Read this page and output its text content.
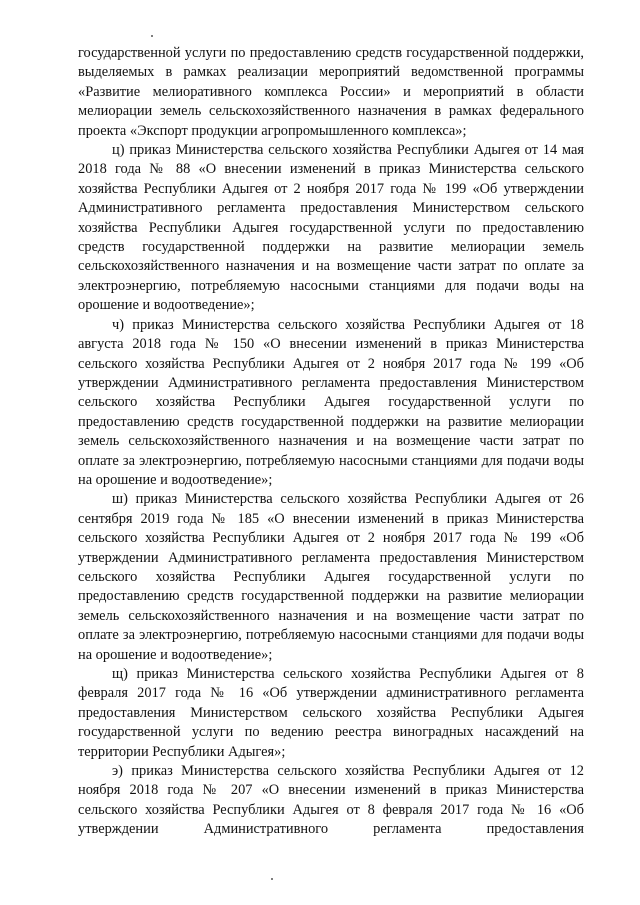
государственной услуги по предоставлению средств государственной поддержки, выделяемых в рамках реализации мероприятий ведомственной программы «Развитие мелиоративного комплекса России» и мероприятий в области мелиорации земель сельскохозяйственного назначения в рамках федерального проекта «Экспорт продукции агропромышленного комплекса»;

ц) приказ Министерства сельского хозяйства Республики Адыгея от 14 мая 2018 года № 88 «О внесении изменений в приказ Министерства сельского хозяйства Республики Адыгея от 2 ноября 2017 года № 199 «Об утверждении Административного регламента предоставления Министерством сельского хозяйства Республики Адыгея государственной услуги по предоставлению средств государственной поддержки на развитие мелиорации земель сельскохозяйственного назначения и на возмещение части затрат по оплате за электроэнергию, потребляемую насосными станциями для подачи воды на орошение и водоотведение»;

ч) приказ Министерства сельского хозяйства Республики Адыгея от 18 августа 2018 года № 150 «О внесении изменений в приказ Министерства сельского хозяйства Республики Адыгея от 2 ноября 2017 года № 199 «Об утверждении Административного регламента предоставления Министерством сельского хозяйства Республики Адыгея государственной услуги по предоставлению средств государственной поддержки на развитие мелиорации земель сельскохозяйственного назначения и на возмещение части затрат по оплате за электроэнергию, потребляемую насосными станциями для подачи воды на орошение и водоотведение»;

ш) приказ Министерства сельского хозяйства Республики Адыгея от 26 сентября 2019 года № 185 «О внесении изменений в приказ Министерства сельского хозяйства Республики Адыгея от 2 ноября 2017 года № 199 «Об утверждении Административного регламента предоставления Министерством сельского хозяйства Республики Адыгея государственной услуги по предоставлению средств государственной поддержки на развитие мелиорации земель сельскохозяйственного назначения и на возмещение части затрат по оплате за электроэнергию, потребляемую насосными станциями для подачи воды на орошение и водоотведение»;

щ) приказ Министерства сельского хозяйства Республики Адыгея от 8 февраля 2017 года № 16 «Об утверждении административного регламента предоставления Министерством сельского хозяйства Республики Адыгея государственной услуги по ведению реестра виноградных насаждений на территории Республики Адыгея»;

э) приказ Министерства сельского хозяйства Республики Адыгея от 12 ноября 2018 года № 207 «О внесении изменений в приказ Министерства сельского хозяйства Республики Адыгея от 8 февраля 2017 года № 16 «Об утверждении Административного регламента предоставления
